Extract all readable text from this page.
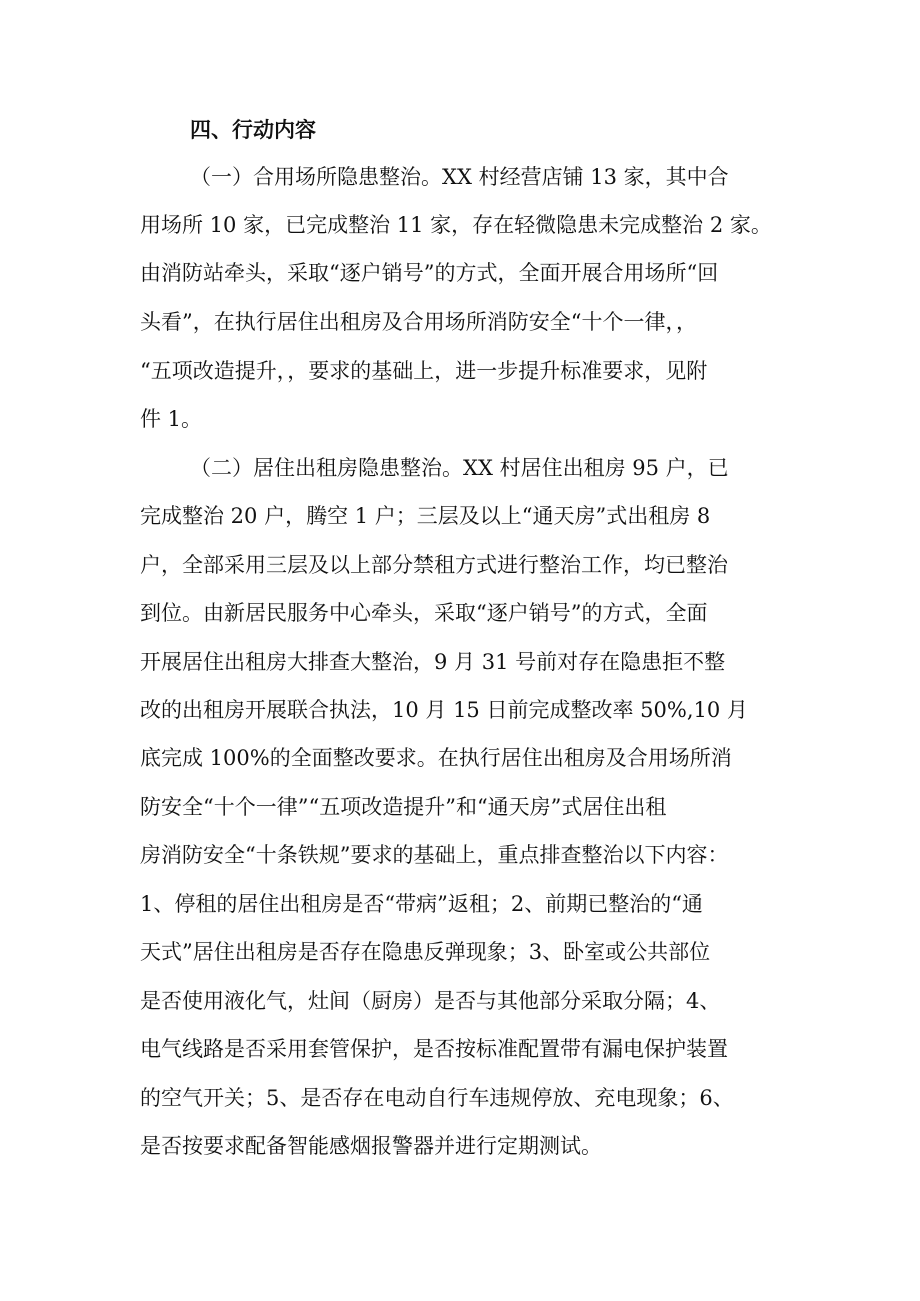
四、行动内容
（一）合用场所隐患整治。XX 村经营店铺 13 家，其中合
用场所 10 家，已完成整治 11 家，存在轻微隐患未完成整治 2 家。
由消防站牵头，采取“逐户销号”的方式，全面开展合用场所“回
头看”，在执行居住出租房及合用场所消防安全“十个一律，，
“五项改造提升，，要求的基础上，进一步提升标准要求，见附
件 1。
（二）居住出租房隐患整治。XX 村居住出租房 95 户，已
完成整治 20 户，腾空 1 户；三层及以上“通天房”式出租房 8
户，全部采用三层及以上部分禁租方式进行整治工作，均已整治
到位。由新居民服务中心牵头，采取“逐户销号”的方式，全面
开展居住出租房大排查大整治，9 月 31 号前对存在隐患拒不整
改的出租房开展联合执法，10 月 15 日前完成整改率 50%,10 月
底完成 100%的全面整改要求。在执行居住出租房及合用场所消
防安全“十个一律”“五项改造提升”和“通天房”式居住出租
房消防安全“十条铁规”要求的基础上，重点排查整治以下内容：
1、停租的居住出租房是否“带病”返租；2、前期已整治的“通
天式”居住出租房是否存在隐患反弹现象；3、卧室或公共部位
是否使用液化气，灶间（厨房）是否与其他部分采取分隔；4、
电气线路是否采用套管保护，是否按标准配置带有漏电保护装置
的空气开关；5、是否存在电动自行车违规停放、充电现象；6、
是否按要求配备智能感烟报警器并进行定期测试。
